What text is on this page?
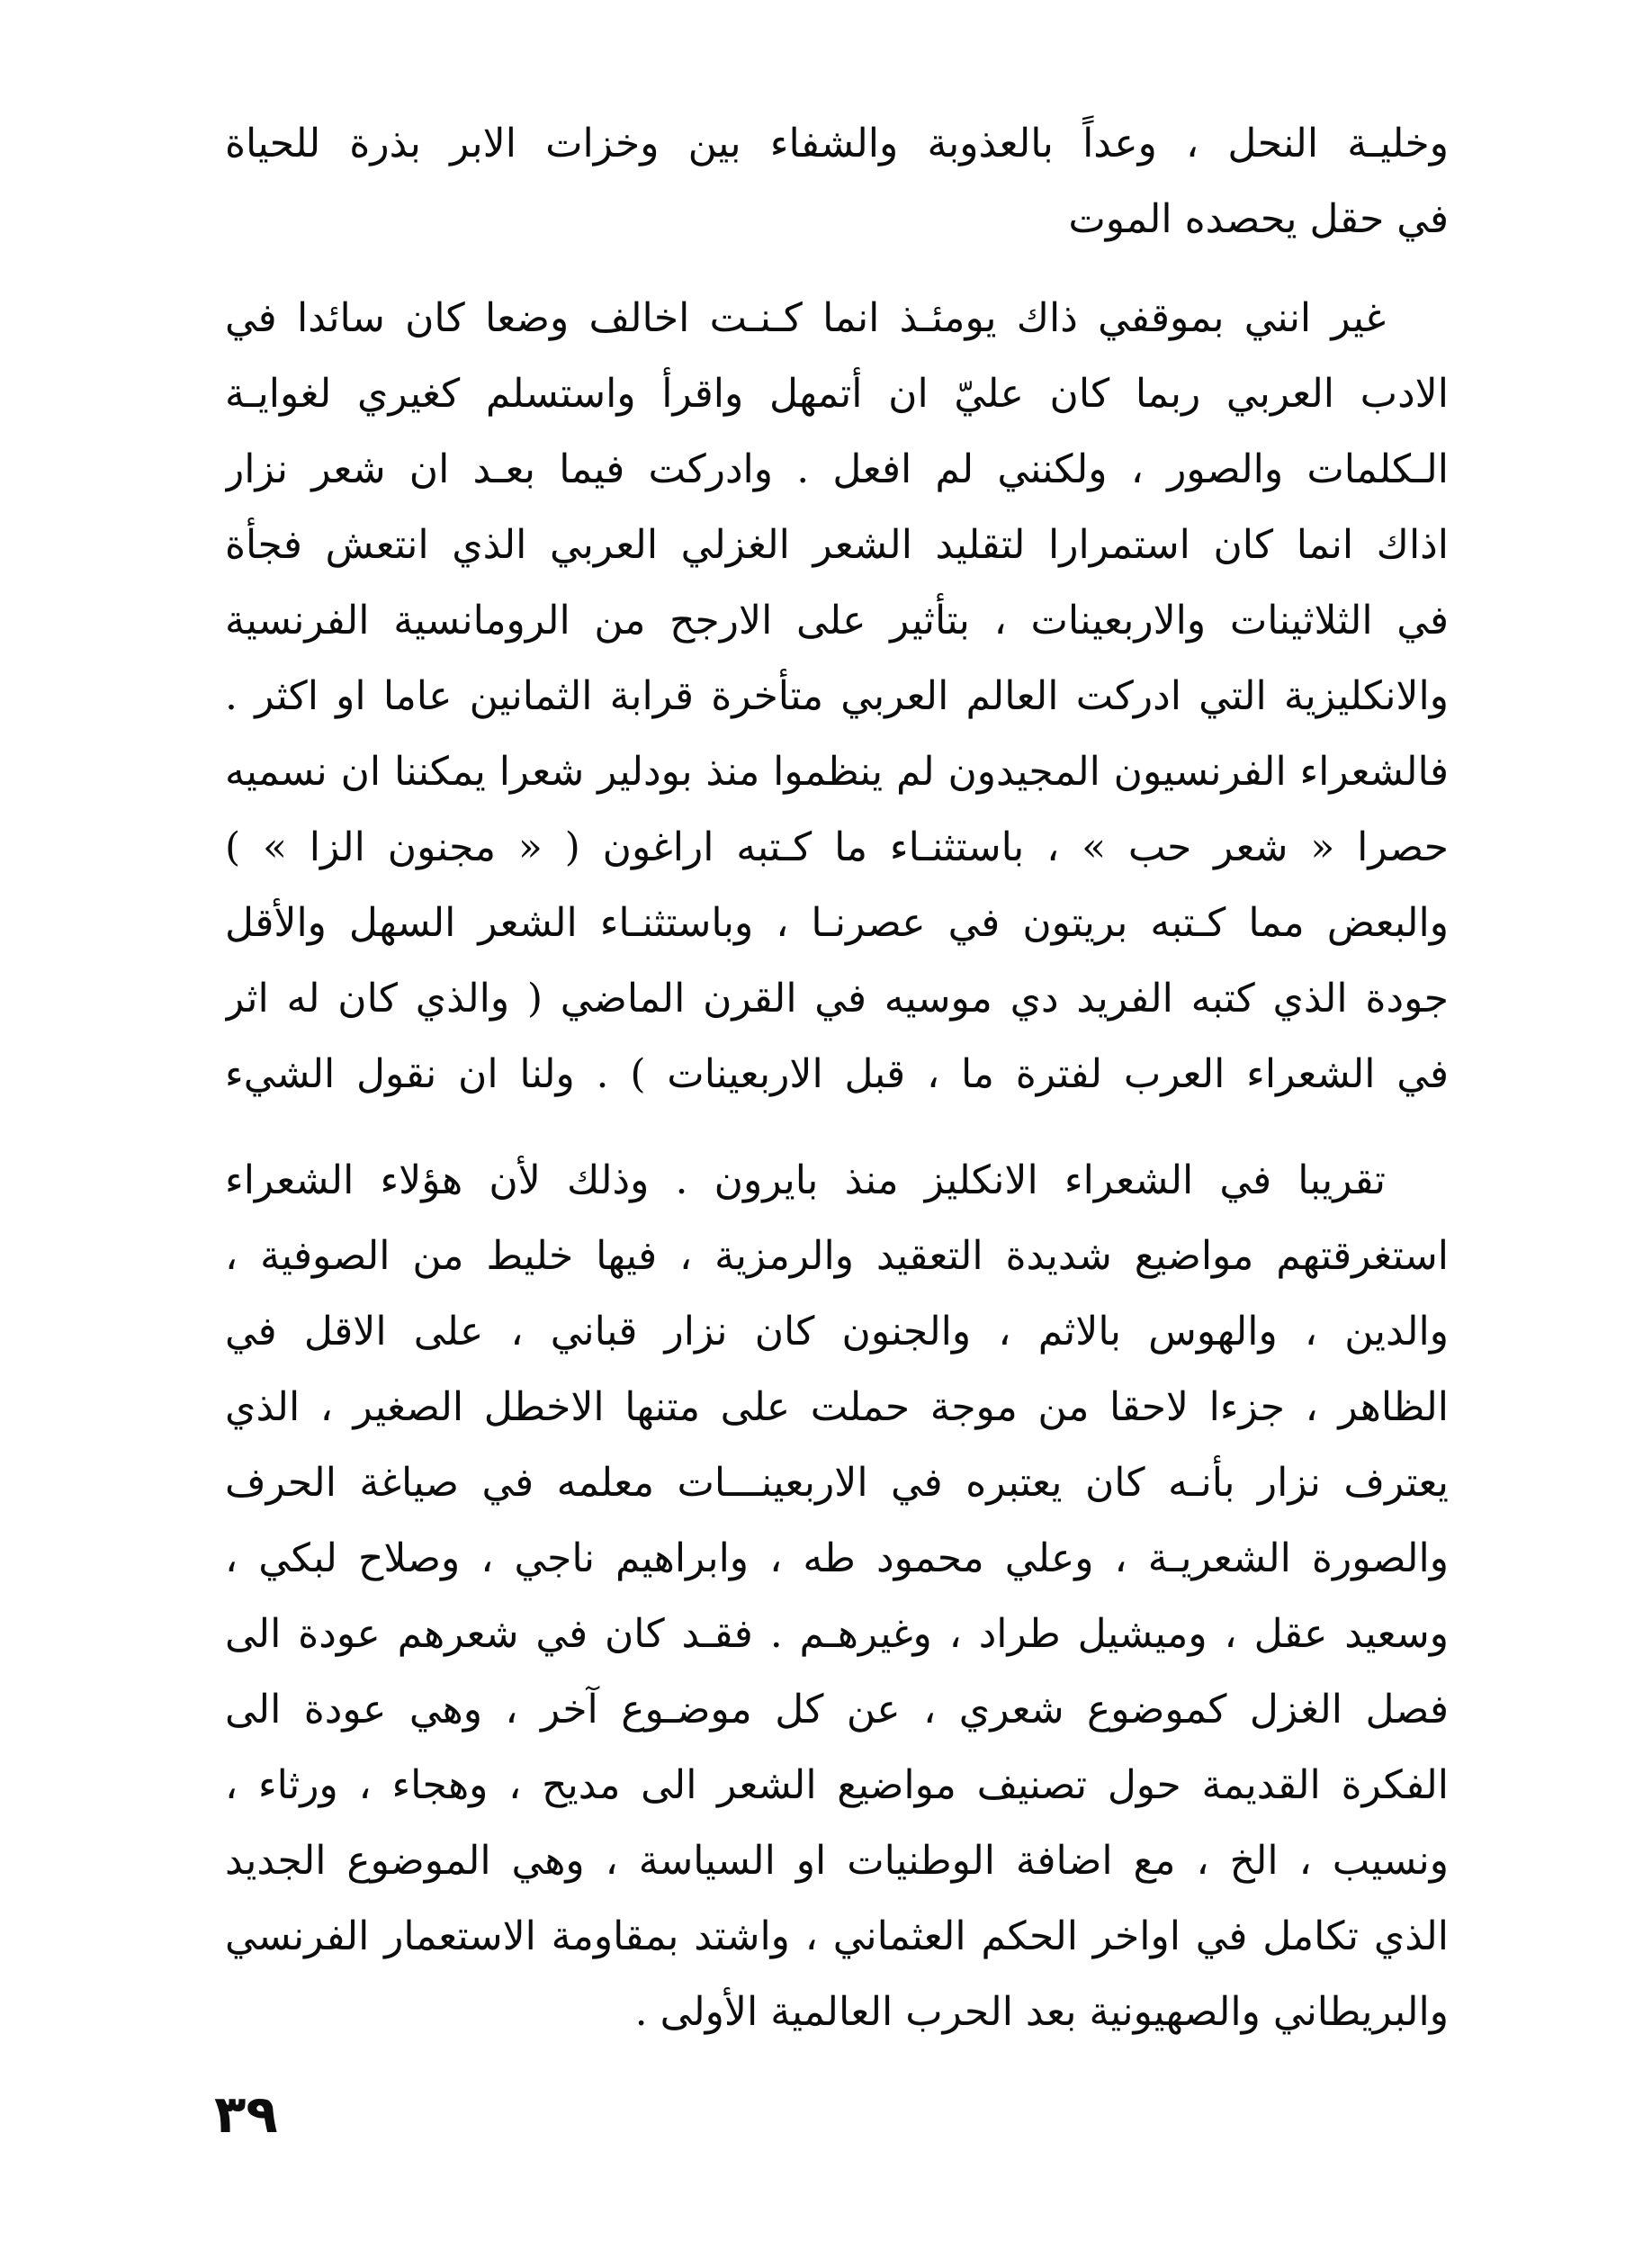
وخليـة النحل ، وعداً بالعذوبة والشفاء بين وخزات الابر بذرة للحياة
في حقل يحصده الموت
غير انني بموقفي ذاك يومئـذ انما كـنـت اخالف وضعا كان سائدا في
الادب العربي ربما كان عليّ ان أتمهل واقرأ واستسلم كغيري لغوايـة
الـكلمات والصور ، ولكنني لم افعل . وادركت فيما بعـد ان شعر نزار
اذاك انما كان استمرارا لتقليد الشعر الغزلي العربي الذي انتعش فجأة
في الثلاثينات والاربعينات ، بتأثير على الارجح من الرومانسية الفرنسية
والانكليزية التي ادركت العالم العربي متأخرة قرابة الثمانين عاما او اكثر .
فالشعراء الفرنسيون المجيدون لم ينظموا منذ بودلير شعرا يمكننا ان نسميه
حصرا « شعر حب » ، باستثنـاء ما كـتبه اراغون ( « مجنون الزا » )
والبعض مما كـتبه بريتون في عصرنـا ، وباستثنـاء الشعر السهل والأقل
جودة الذي كتبه الفريد دي موسيه في القرن الماضي ( والذي كان له اثر
في الشعراء العرب لفترة ما ، قبل الاربعينات ) . ولنا ان نقول الشيء
تقريبا في الشعراء الانكليز منذ بايرون . وذلك لأن هؤلاء الشعراء
استغرقتهم مواضيع شديدة التعقيد والرمزية ، فيها خليط من الصوفية ،
والدين ، والهوس بالاثم ، والجنون كان نزار قباني ، على الاقل في
الظاهر ، جزءا لاحقا من موجة حملت على متنها الاخطل الصغير ، الذي
يعترف نزار بأنـه كان يعتبره في الاربعينـــات معلمه في صياغة الحرف
والصورة الشعريـة ، وعلي محمود طه ، وابراهيم ناجي ، وصلاح لبكي ،
وسعيد عقل ، وميشيل طراد ، وغيرهـم . فقـد كان في شعرهم عودة الى
فصل الغزل كموضوع شعري ، عن كل موضـوع آخر ، وهي عودة الى
الفكرة القديمة حول تصنيف مواضيع الشعر الى مديح ، وهجاء ، ورثاء ،
ونسيب ، الخ ، مع اضافة الوطنيات او السياسة ، وهي الموضوع الجديد
الذي تكامل في اواخر الحكم العثماني ، واشتد بمقاومة الاستعمار الفرنسي
والبريطاني والصهيونية بعد الحرب العالمية الأولى .
٣٩
